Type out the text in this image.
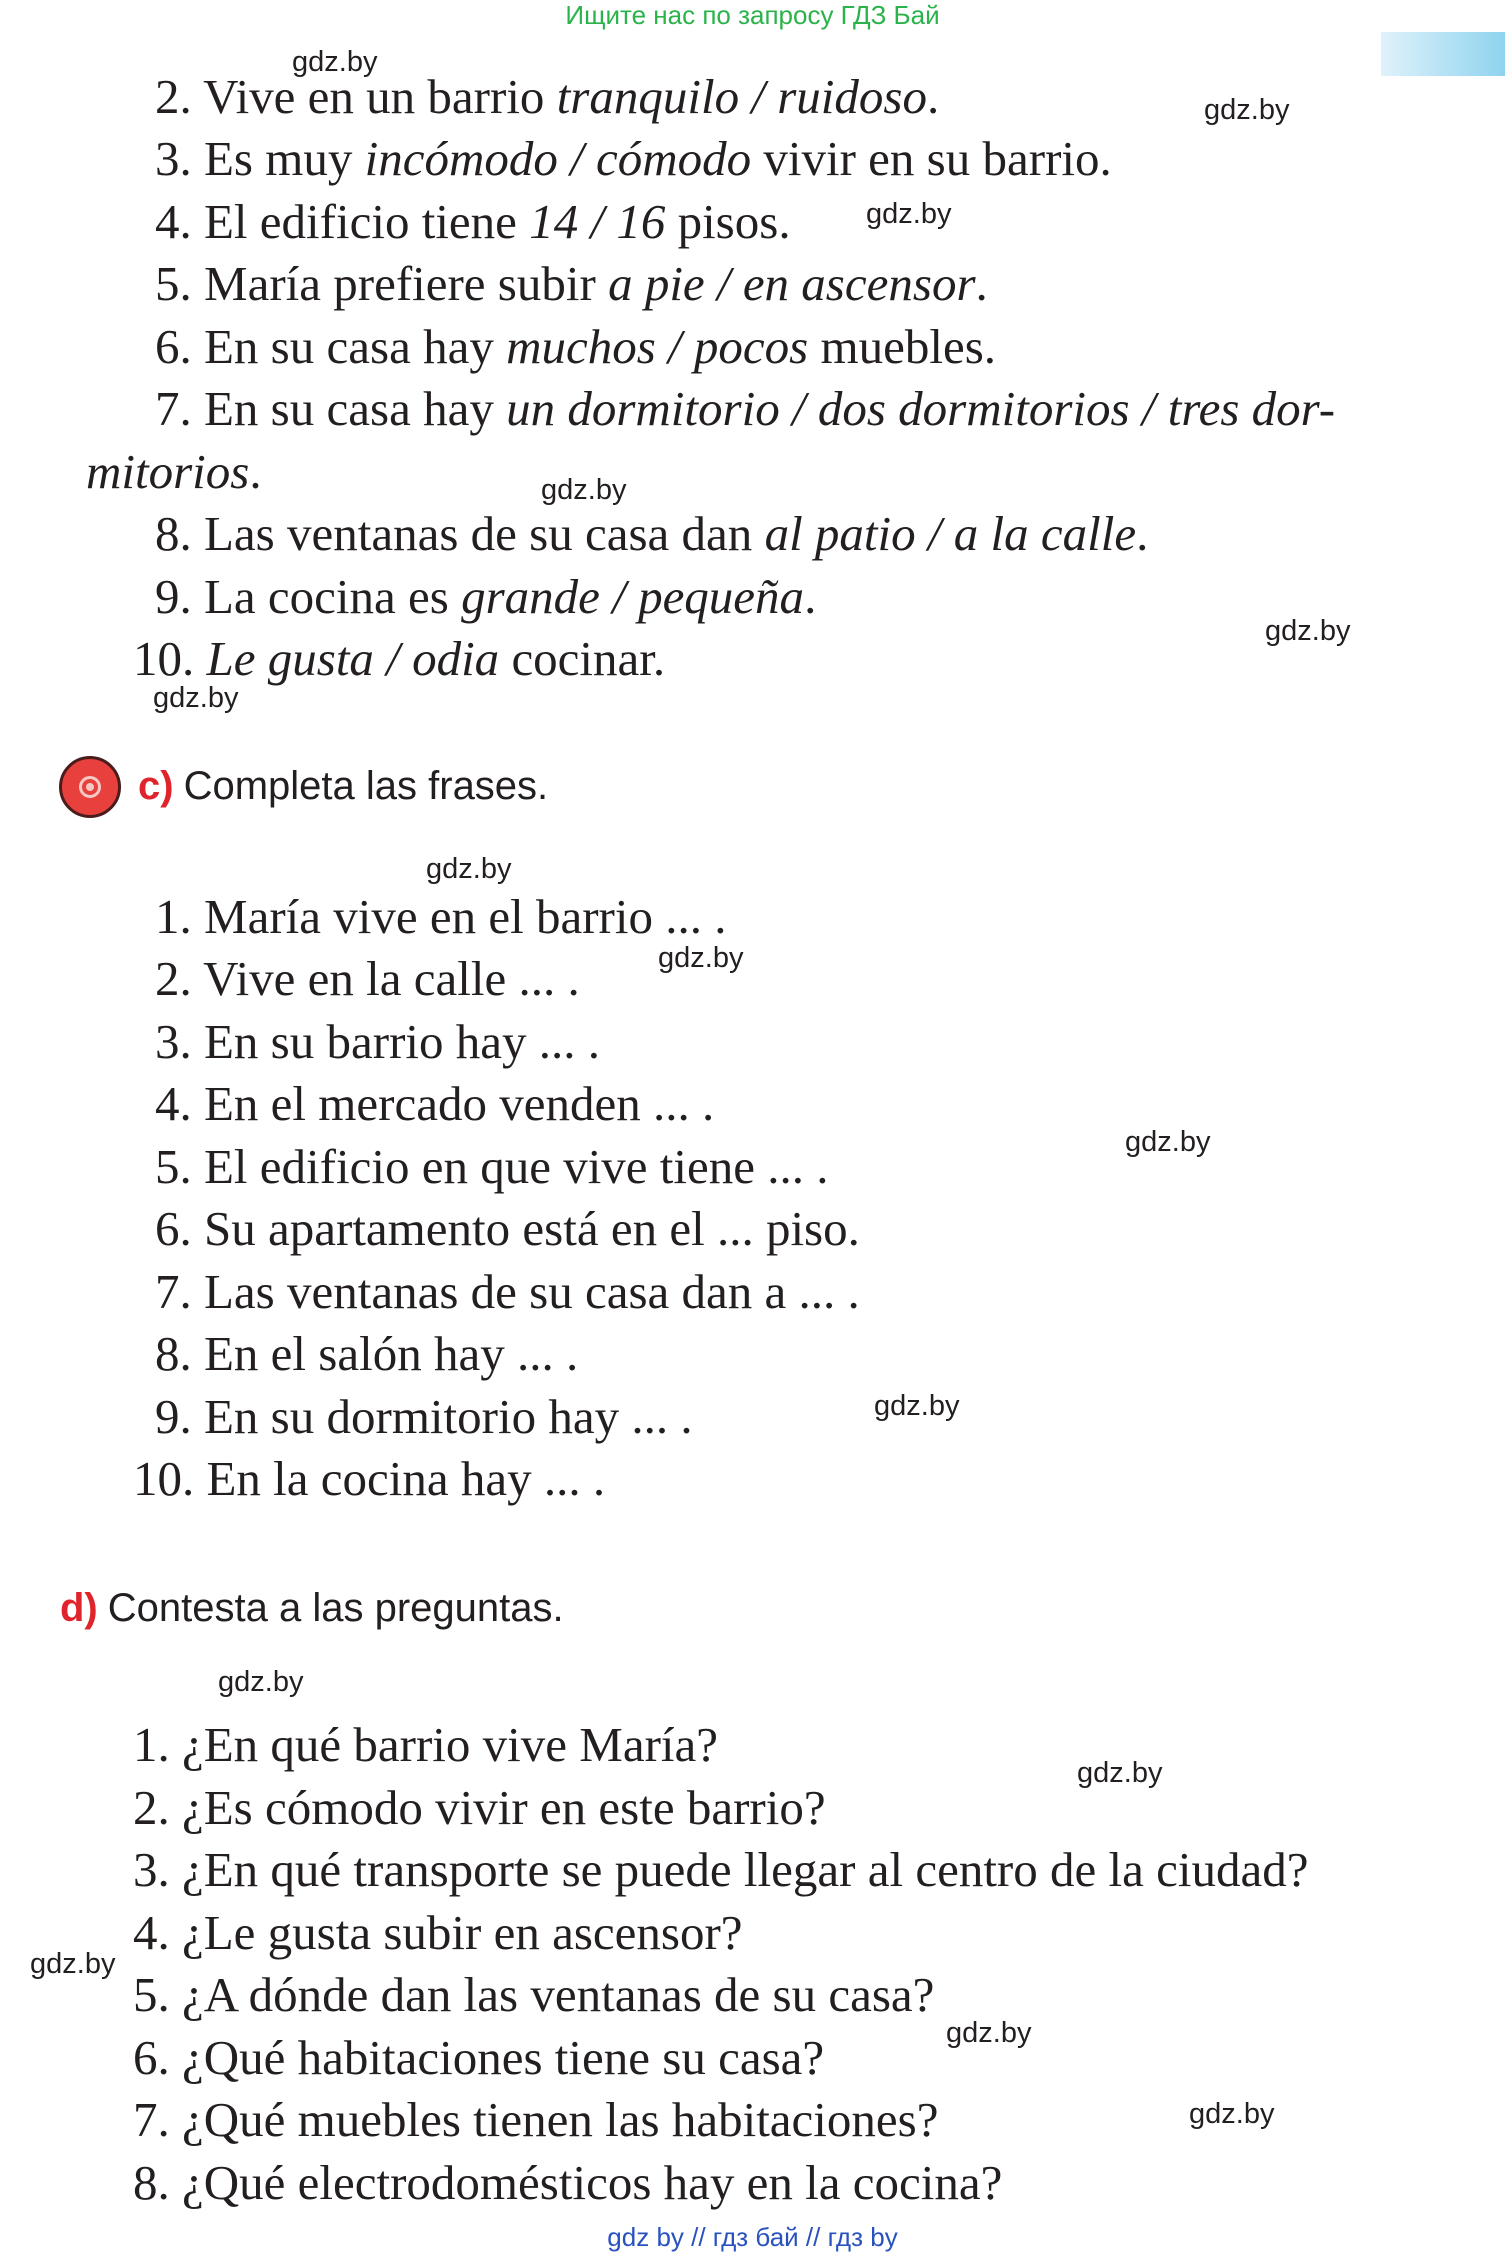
Ищите нас по запросу ГДЗ Бай
2. Vive en un barrio tranquilo / ruidoso.
3. Es muy incómodo / cómodo vivir en su barrio.
4. El edificio tiene 14 / 16 pisos.
5. María prefiere subir a pie / en ascensor.
6. En su casa hay muchos / pocos muebles.
7. En su casa hay un dormitorio / dos dormitorios / tres dor-
mitorios.
8. Las ventanas de su casa dan al patio / a la calle.
9. La cocina es grande / pequeña.
10. Le gusta / odia cocinar.
c) Completa las frases.
1. María vive en el barrio ... .
2. Vive en la calle ... .
3. En su barrio hay ... .
4. En el mercado venden ... .
5. El edificio en que vive tiene ... .
6. Su apartamento está en el ... piso.
7. Las ventanas de su casa dan a ... .
8. En el salón hay ... .
9. En su dormitorio hay ... .
10. En la cocina hay ... .
d) Contesta a las preguntas.
1. ¿En qué barrio vive María?
2. ¿Es cómodo vivir en este barrio?
3. ¿En qué transporte se puede llegar al centro de la ciudad?
4. ¿Le gusta subir en ascensor?
5. ¿A dónde dan las ventanas de su casa?
6. ¿Qué habitaciones tiene su casa?
7. ¿Qué muebles tienen las habitaciones?
8. ¿Qué electrodomésticos hay en la cocina?
gdz.by
gdz.by
gdz.by
gdz.by
gdz.by
gdz.by
gdz.by
gdz.by
gdz.by
gdz.by
gdz.by
gdz.by
gdz.by
gdz.by
gdz.by
gdz by // гдз бай // гдз by
